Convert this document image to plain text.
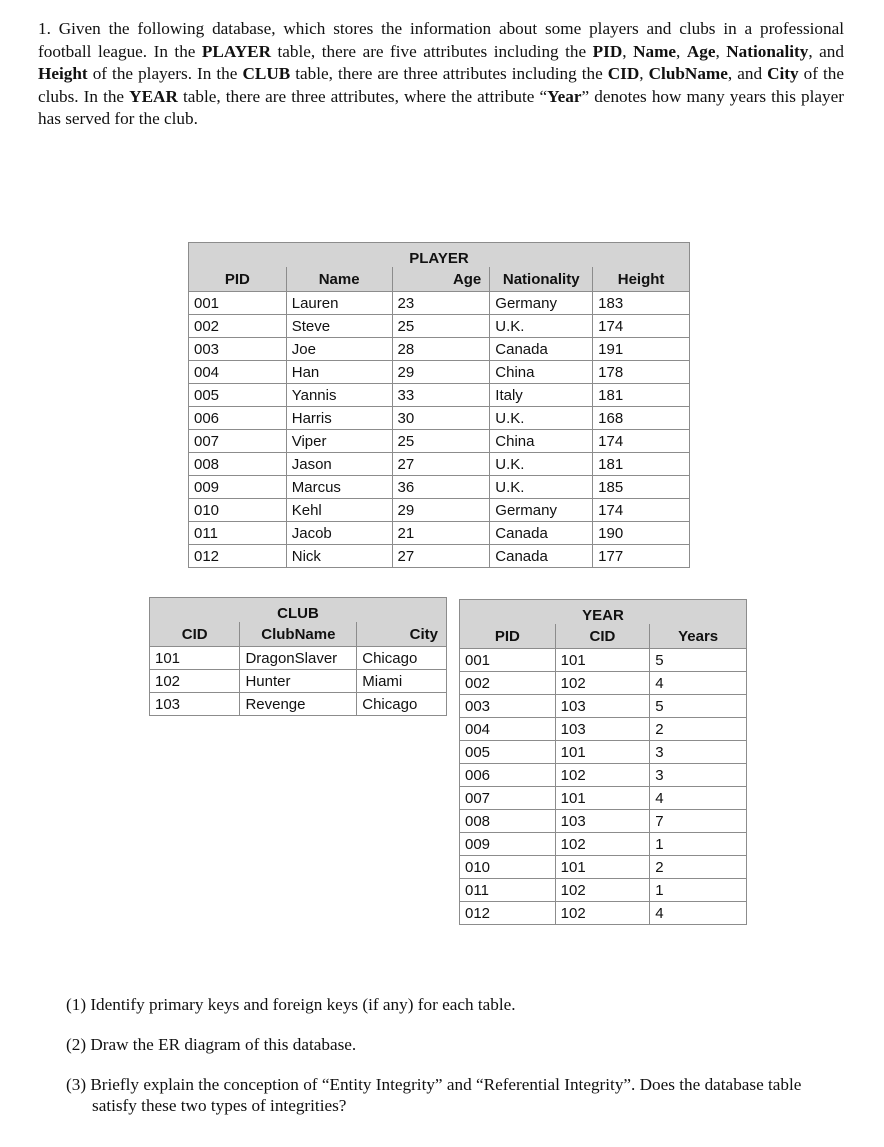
1. Given the following database, which stores the information about some players and clubs in a professional football league. In the PLAYER table, there are five attributes including the PID, Name, Age, Nationality, and Height of the players. In the CLUB table, there are three attributes including the CID, ClubName, and City of the clubs. In the YEAR table, there are three attributes, where the attribute “Year” denotes how many years this player has served for the club.

PLAYER				
PID	Name	Age	Nationality	Height
001	Lauren	23	Germany	183
002	Steve	25	U.K.	174
003	Joe	28	Canada	191
004	Han	29	China	178
005	Yannis	33	Italy	181
006	Harris	30	U.K.	168
007	Viper	25	China	174
008	Jason	27	U.K.	181
009	Marcus	36	U.K.	185
010	Kehl	29	Germany	174
011	Jacob	21	Canada	190
012	Nick	27	Canada	177
CLUB		
CID	ClubName	City
101	DragonSlaver	Chicago
102	Hunter	Miami
103	Revenge	Chicago
YEAR		
PID	CID	Years
001	101	5
002	102	4
003	103	5
004	103	2
005	101	3
006	102	3
007	101	4
008	103	7
009	102	1
010	101	2
011	102	1
012	102	4

(1) Identify primary keys and foreign keys (if any) for each table.

(2) Draw the ER diagram of this database.

(3) Briefly explain the conception of “Entity Integrity” and “Referential Integrity”. Does the database table satisfy these two types of integrities?
